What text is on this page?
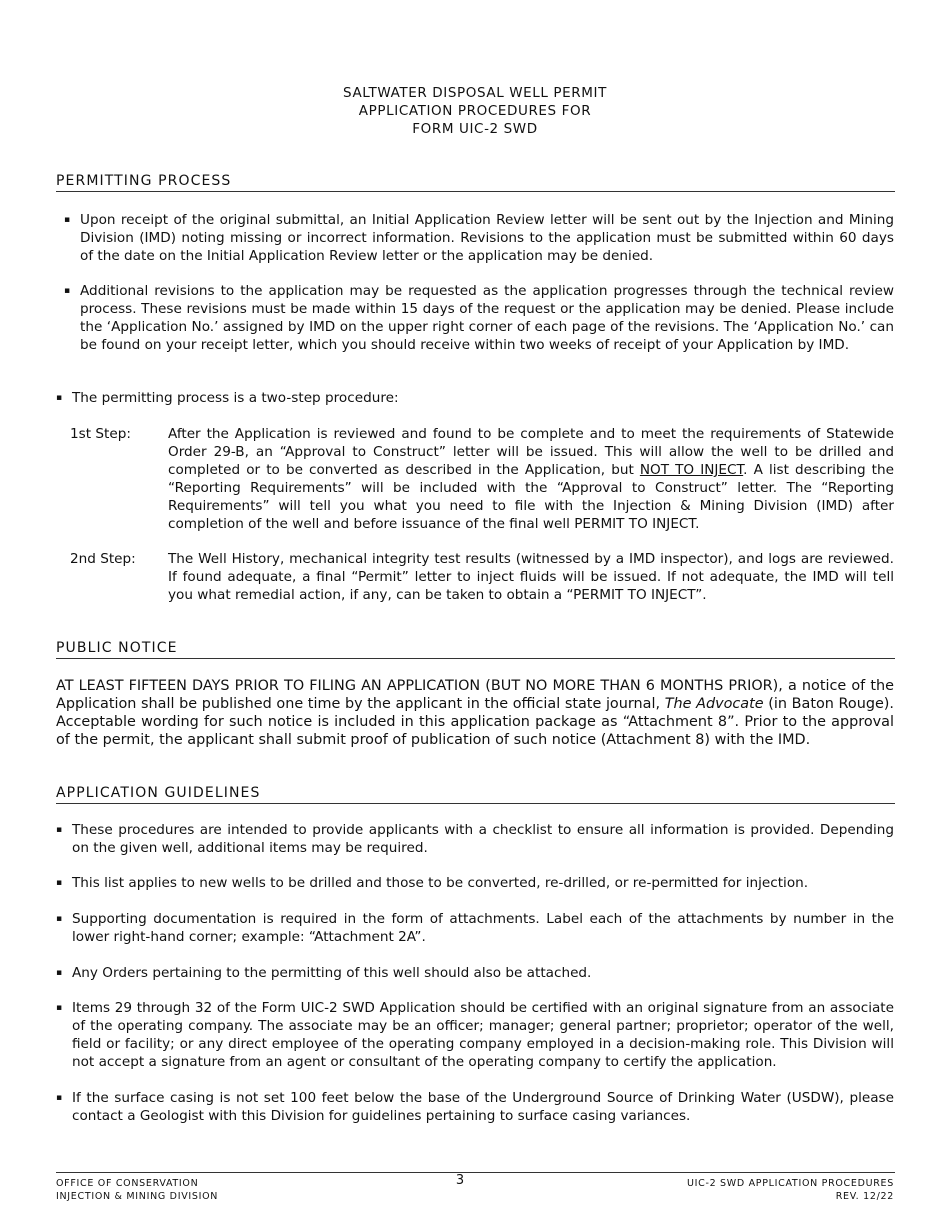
SALTWATER DISPOSAL WELL PERMIT
APPLICATION PROCEDURES FOR
FORM UIC-2 SWD
PERMITTING PROCESS
▪ Upon receipt of the original submittal, an Initial Application Review letter will be sent out by the Injection and Mining Division (IMD) noting missing or incorrect information. Revisions to the application must be submitted within 60 days of the date on the Initial Application Review letter or the application may be denied.
▪ Additional revisions to the application may be requested as the application progresses through the technical review process. These revisions must be made within 15 days of the request or the application may be denied. Please include the ‘Application No.’ assigned by IMD on the upper right corner of each page of the revisions. The ‘Application No.’ can be found on your receipt letter, which you should receive within two weeks of receipt of your Application by IMD.
▪ The permitting process is a two-step procedure:
1st Step:	After the Application is reviewed and found to be complete and to meet the requirements of Statewide Order 29-B, an “Approval to Construct” letter will be issued. This will allow the well to be drilled and completed or to be converted as described in the Application, but NOT TO INJECT. A list describing the “Reporting Requirements” will be included with the “Approval to Construct” letter. The “Reporting Requirements” will tell you what you need to file with the Injection & Mining Division (IMD) after completion of the well and before issuance of the final well PERMIT TO INJECT.
2nd Step: The Well History, mechanical integrity test results (witnessed by a IMD inspector), and logs are reviewed. If found adequate, a final “Permit” letter to inject fluids will be issued. If not adequate, the IMD will tell you what remedial action, if any, can be taken to obtain a “PERMIT TO INJECT”.
PUBLIC NOTICE
AT LEAST FIFTEEN DAYS PRIOR TO FILING AN APPLICATION (BUT NO MORE THAN 6 MONTHS PRIOR), a notice of the Application shall be published one time by the applicant in the official state journal, The Advocate (in Baton Rouge). Acceptable wording for such notice is included in this application package as “Attachment 8”. Prior to the approval of the permit, the applicant shall submit proof of publication of such notice (Attachment 8) with the IMD.
APPLICATION GUIDELINES
▪ These procedures are intended to provide applicants with a checklist to ensure all information is provided. Depending on the given well, additional items may be required.
▪ This list applies to new wells to be drilled and those to be converted, re-drilled, or re-permitted for injection.
▪ Supporting documentation is required in the form of attachments. Label each of the attachments by number in the lower right-hand corner; example: “Attachment 2A”.
▪ Any Orders pertaining to the permitting of this well should also be attached.
▪ Items 29 through 32 of the Form UIC-2 SWD Application should be certified with an original signature from an associate of the operating company. The associate may be an officer; manager; general partner; proprietor; operator of the well, field or facility; or any direct employee of the operating company employed in a decision-making role. This Division will not accept a signature from an agent or consultant of the operating company to certify the application.
▪ If the surface casing is not set 100 feet below the base of the Underground Source of Drinking Water (USDW), please contact a Geologist with this Division for guidelines pertaining to surface casing variances.
OFFICE OF CONSERVATION
INJECTION & MINING DIVISION
3	UIC-2 SWD APPLICATION PROCEDURES
REV. 12/22
